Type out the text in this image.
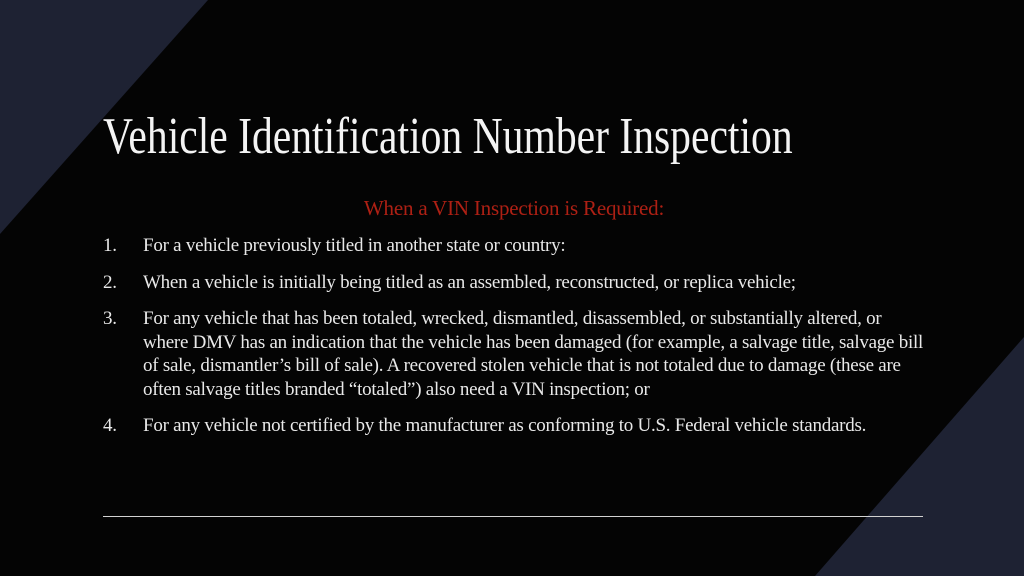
Vehicle Identification Number Inspection

When a VIN Inspection is Required:

1.	For a vehicle previously titled in another state or country:
2.	When a vehicle is initially being titled as an assembled, reconstructed, or replica vehicle;
3.	For any vehicle that has been totaled, wrecked, dismantled, disassembled, or substantially altered, or where DMV has an indication that the vehicle has been damaged (for example, a salvage title, salvage bill of sale, dismantler’s bill of sale). A recovered stolen vehicle that is not totaled due to damage (these are often salvage titles branded “totaled”) also need a VIN inspection; or
4.	For any vehicle not certified by the manufacturer as conforming to U.S. Federal vehicle standards.
